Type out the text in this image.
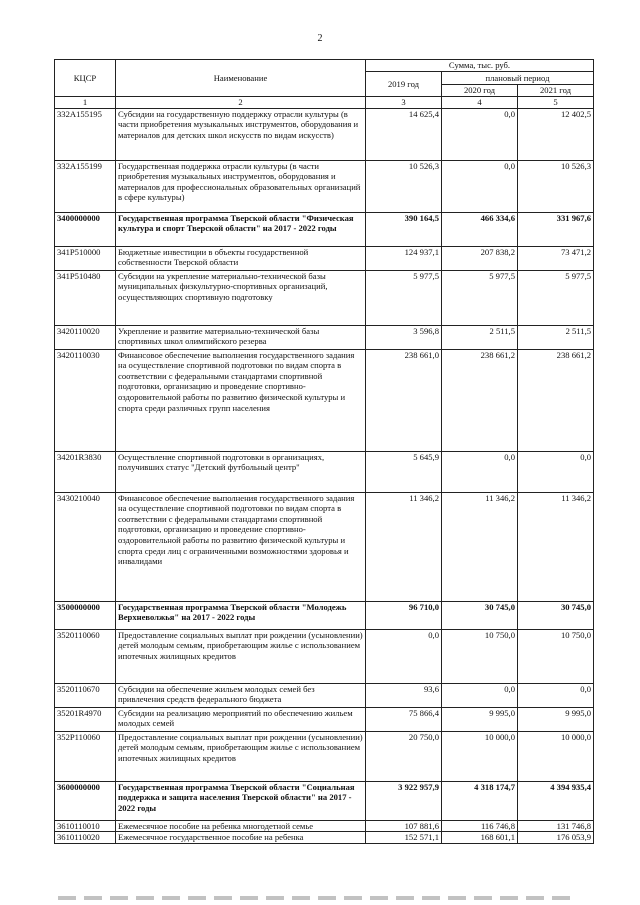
2
КЦСР	Наименование	Сумма, тыс. руб.		
		2019 год	плановый период	
			2020 год	2021 год
1	2	3	4	5
332A155195	Субсидии на государственную поддержку отрасли культуры (в части приобретения музыкальных инструментов, оборудования и материалов для детских школ искусств по видам искусств)	14 625,4	0,0	12 402,5
332A155199	Государственная поддержка отрасли культуры (в части приобретения музыкальных инструментов, оборудования и материалов для профессиональных образовательных организаций в сфере культуры)	10 526,3	0,0	10 526,3
3400000000	Государственная программа Тверской области "Физическая культура и спорт Тверской области" на 2017 - 2022 годы	390 164,5	466 334,6	331 967,6
341P510000	Бюджетные инвестиции в объекты государственной собственности Тверской области	124 937,1	207 838,2	73 471,2
341P510480	Субсидии на укрепление материально-технической базы муниципальных физкультурно-спортивных организаций, осуществляющих спортивную подготовку	5 977,5	5 977,5	5 977,5
3420110020	Укрепление и развитие материально-технической базы спортивных школ олимпийского резерва	3 596,8	2 511,5	2 511,5
3420110030	Финансовое обеспечение выполнения государственного задания на осуществление спортивной подготовки по видам спорта в соответствии с федеральными стандартами спортивной подготовки, организацию и проведение спортивно-оздоровительной работы по развитию физической культуры и спорта среди различных групп населения	238 661,0	238 661,2	238 661,2
34201R3830	Осуществление спортивной подготовки в организациях, получивших статус "Детский футбольный центр"	5 645,9	0,0	0,0
3430210040	Финансовое обеспечение выполнения государственного задания на осуществление спортивной подготовки по видам спорта в соответствии с федеральными стандартами спортивной подготовки, организацию и проведение спортивно-оздоровительной работы по развитию физической культуры и спорта среди лиц с ограниченными возможностями здоровья и инвалидами	11 346,2	11 346,2	11 346,2
3500000000	Государственная программа Тверской области "Молодежь Верхневолжья" на 2017 - 2022 годы	96 710,0	30 745,0	30 745,0
3520110060	Предоставление социальных выплат при рождении (усыновлении) детей молодым семьям, приобретающим жилье с использованием ипотечных жилищных кредитов	0,0	10 750,0	10 750,0
3520110670	Субсидии на обеспечение жильем молодых семей без привлечения средств федерального бюджета	93,6	0,0	0,0
35201R4970	Субсидии на реализацию мероприятий по обеспечению жильем молодых семей	75 866,4	9 995,0	9 995,0
352P110060	Предоставление социальных выплат при рождении (усыновлении) детей молодым семьям, приобретающим жилье с использованием ипотечных жилищных кредитов	20 750,0	10 000,0	10 000,0
3600000000	Государственная программа Тверской области "Социальная поддержка и защита населения Тверской области" на 2017 - 2022 годы	3 922 957,9	4 318 174,7	4 394 935,4
3610110010	Ежемесячное пособие на ребенка многодетной семье	107 881,6	116 746,8	131 746,8
3610110020	Ежемесячное государственное пособие на ребенка	152 571,1	168 601,1	176 053,9
